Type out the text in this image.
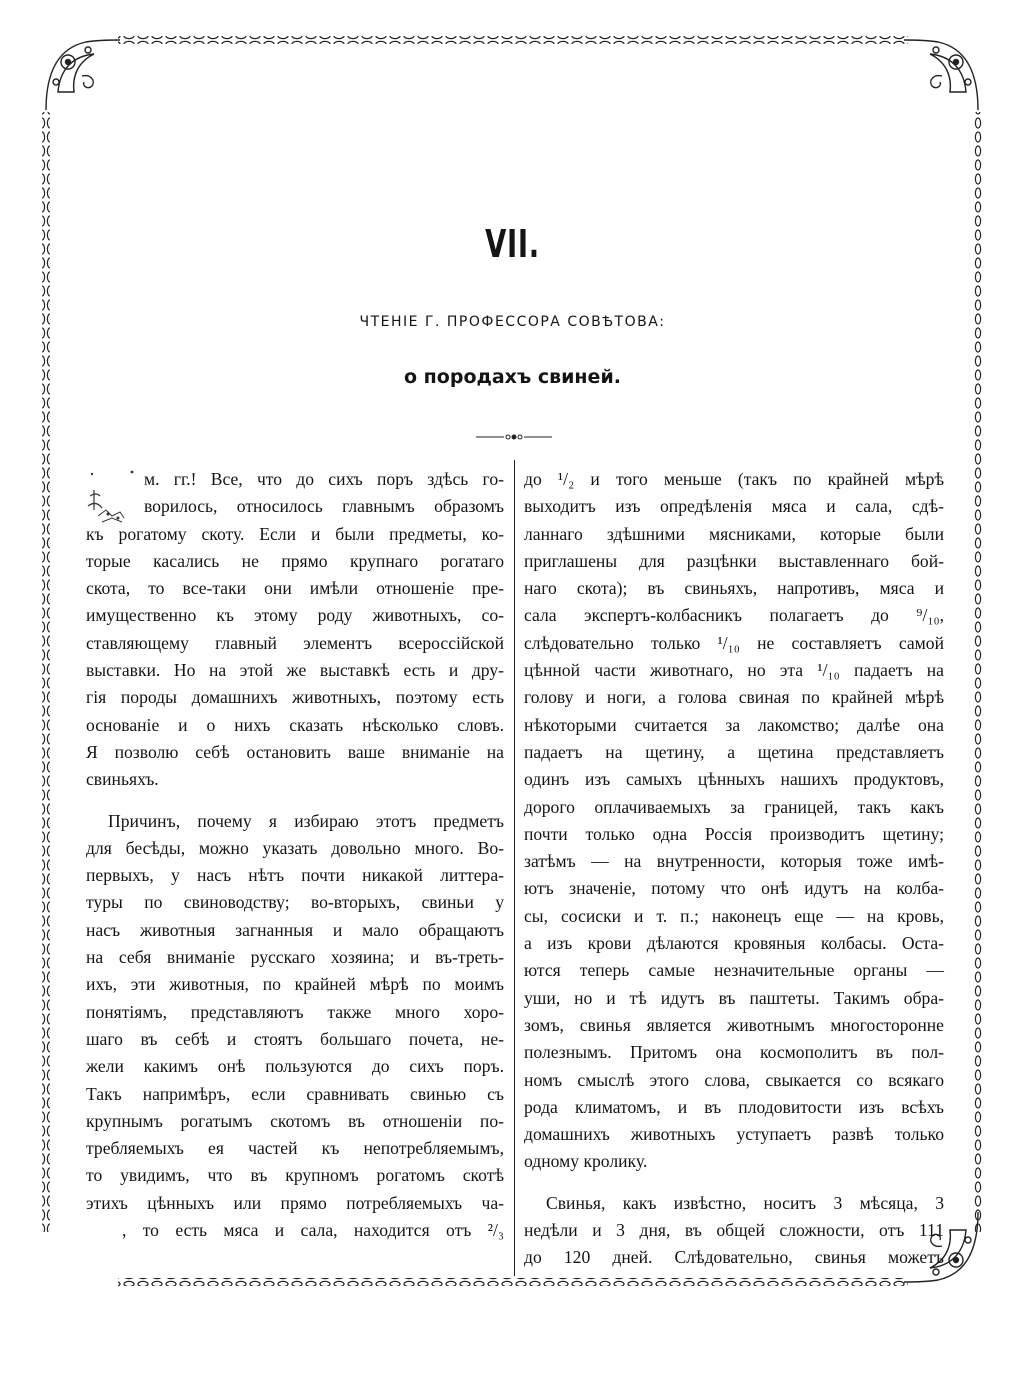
VII.
ЧТЕНIЕ Г. ПРОФЕССОРА СОВѢТОВА:
о породахъ свиней.
м. гг.! Все, что до сихъ поръ здѣсь го-
ворилось, относилось главнымъ образомъ
къ рогатому скоту. Если и были предметы, ко-
торые касались не прямо крупнаго рогатаго
скота, то все-таки они имѣли отношенiе пре-
имущественно къ этому роду животныхъ, со-
ставляющему главный элементъ всероссiйской
выставки. Но на этой же выставкѣ есть и дру-
гiя породы домашнихъ животныхъ, поэтому есть
основанiе и о нихъ сказать нѣсколько словъ.
Я позволю себѣ остановить ваше вниманiе на
свиньяхъ.
Причинъ, почему я избираю этотъ предметъ
для бесѣды, можно указать довольно много. Во-
первыхъ, у насъ нѣтъ почти никакой литтера-
туры по свиноводству; во-вторыхъ, свиньи у
насъ животныя загнанныя и мало обращаютъ
на себя вниманiе русскаго хозяина; и въ-треть-
ихъ, эти животныя, по крайней мѣрѣ по моимъ
понятiямъ, представляютъ также много хоро-
шаго въ себѣ и стоятъ большаго почета, не-
жели какимъ онѣ пользуются до сихъ поръ.
Такъ напримѣръ, если сравнивать свинью съ
крупнымъ рогатымъ скотомъ въ отношенiи по-
требляемыхъ ея частей къ непотребляемымъ,
то увидимъ, что въ крупномъ рогатомъ скотѣ
этихъ цѣнныхъ или прямо потребляемыхъ ча-
, то есть мяса и сала, находится отъ ²/₃
до ¹/₂ и того меньше (такъ по крайней мѣрѣ
выходитъ изъ опредѣленiя мяса и сала, сдѣ-
ланнаго здѣшними мясниками, которые были
приглашены для разцѣнки выставленнаго бой-
наго скота); въ свиньяхъ, напротивъ, мяса и
сала экспертъ-колбасникъ полагаетъ до ⁹/₁₀,
слѣдовательно только ¹/₁₀ не составляетъ самой
цѣнной части животнаго, но эта ¹/₁₀ падаетъ на
голову и ноги, а голова свиная по крайней мѣрѣ
нѣкоторыми считается за лакомство; далѣе она
падаетъ на щетину, а щетина представляетъ
одинъ изъ самыхъ цѣнныхъ нашихъ продуктовъ,
дорого оплачиваемыхъ за границей, такъ какъ
почти только одна Россiя производитъ щетину;
затѣмъ — на внутренности, которыя тоже имѣ-
ютъ значенiе, потому что онѣ идутъ на колба-
сы, сосиски и т. п.; наконецъ еще — на кровь,
а изъ крови дѣлаются кровяныя колбасы. Оста-
ются теперь самые незначительные органы —
уши, но и тѣ идутъ въ паштеты. Такимъ обра-
зомъ, свинья является животнымъ многосторонне
полезнымъ. Притомъ она космополитъ въ пол-
номъ смыслѣ этого слова, свыкается со всякаго
рода климатомъ, и въ плодовитости изъ всѣхъ
домашнихъ животныхъ уступаетъ развѣ только
одному кролику.
Свинья, какъ извѣстно, носитъ 3 мѣсяца, 3
недѣли и 3 дня, въ общей сложности, отъ 111
до 120 дней. Слѣдовательно, свинья можетъ
